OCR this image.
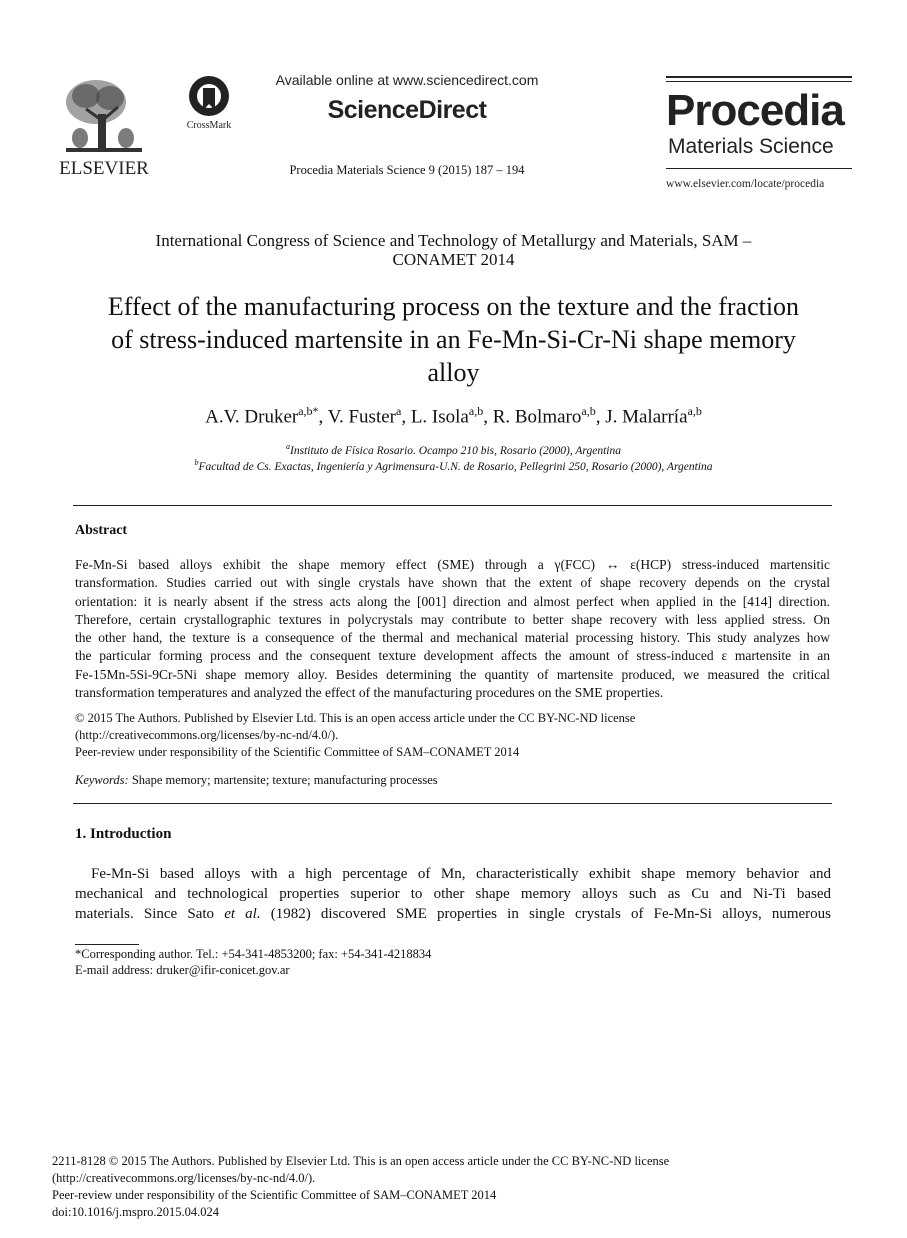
ELSEVIER
CrossMark
Available online at www.sciencedirect.com
ScienceDirect
Procedia Materials Science 9 (2015) 187 – 194
Procedia
Materials Science
www.elsevier.com/locate/procedia
International Congress of Science and Technology of Metallurgy and Materials, SAM –
CONAMET 2014
Effect of the manufacturing process on the texture and the fraction
of stress-induced martensite in an Fe-Mn-Si-Cr-Ni shape memory
alloy
A.V. Druker$^{a,b*}$, V. Fuster$^a$, L. Isola$^{a,b}$, R. Bolmaro$^{a,b}$, J. Malarría$^{a,b}$
$^a$Instituto de Física Rosario. Ocampo 210 bis, Rosario (2000), Argentina
$^b$Facultad de Cs. Exactas, Ingeniería y Agrimensura-U.N. de Rosario, Pellegrini 250, Rosario (2000), Argentina
Abstract
Fe-Mn-Si based alloys exhibit the shape memory effect (SME) through a γ(FCC) ↔ ε(HCP) stress-induced martensitic
transformation. Studies carried out with single crystals have shown that the extent of shape recovery depends on the crystal
orientation: it is nearly absent if the stress acts along the [001] direction and almost perfect when applied in the [414] direction.
Therefore, certain crystallographic textures in polycrystals may contribute to better shape recovery with less applied stress. On
the other hand, the texture is a consequence of the thermal and mechanical material processing history. This study analyzes how
the particular forming process and the consequent texture development affects the amount of stress-induced ε martensite in an
Fe-15Mn-5Si-9Cr-5Ni shape memory alloy. Besides determining the quantity of martensite produced, we measured the critical
transformation temperatures and analyzed the effect of the manufacturing procedures on the SME properties.
© 2015 The Authors. Published by Elsevier Ltd. This is an open access article under the CC BY-NC-ND license
(http://creativecommons.org/licenses/by-nc-nd/4.0/).
Peer-review under responsibility of the Scientific Committee of SAM–CONAMET 2014
Keywords: Shape memory; martensite; texture; manufacturing processes
1. Introduction
Fe-Mn-Si based alloys with a high percentage of Mn, characteristically exhibit shape memory behavior and
mechanical and technological properties superior to other shape memory alloys such as Cu and Ni-Ti based
materials. Since Sato et al. (1982) discovered SME properties in single crystals of Fe-Mn-Si alloys, numerous
*Corresponding author. Tel.: +54-341-4853200; fax: +54-341-4218834
E-mail address: druker@ifir-conicet.gov.ar
2211-8128 © 2015 The Authors. Published by Elsevier Ltd. This is an open access article under the CC BY-NC-ND license
(http://creativecommons.org/licenses/by-nc-nd/4.0/).
Peer-review under responsibility of the Scientific Committee of SAM–CONAMET 2014
doi:10.1016/j.mspro.2015.04.024
